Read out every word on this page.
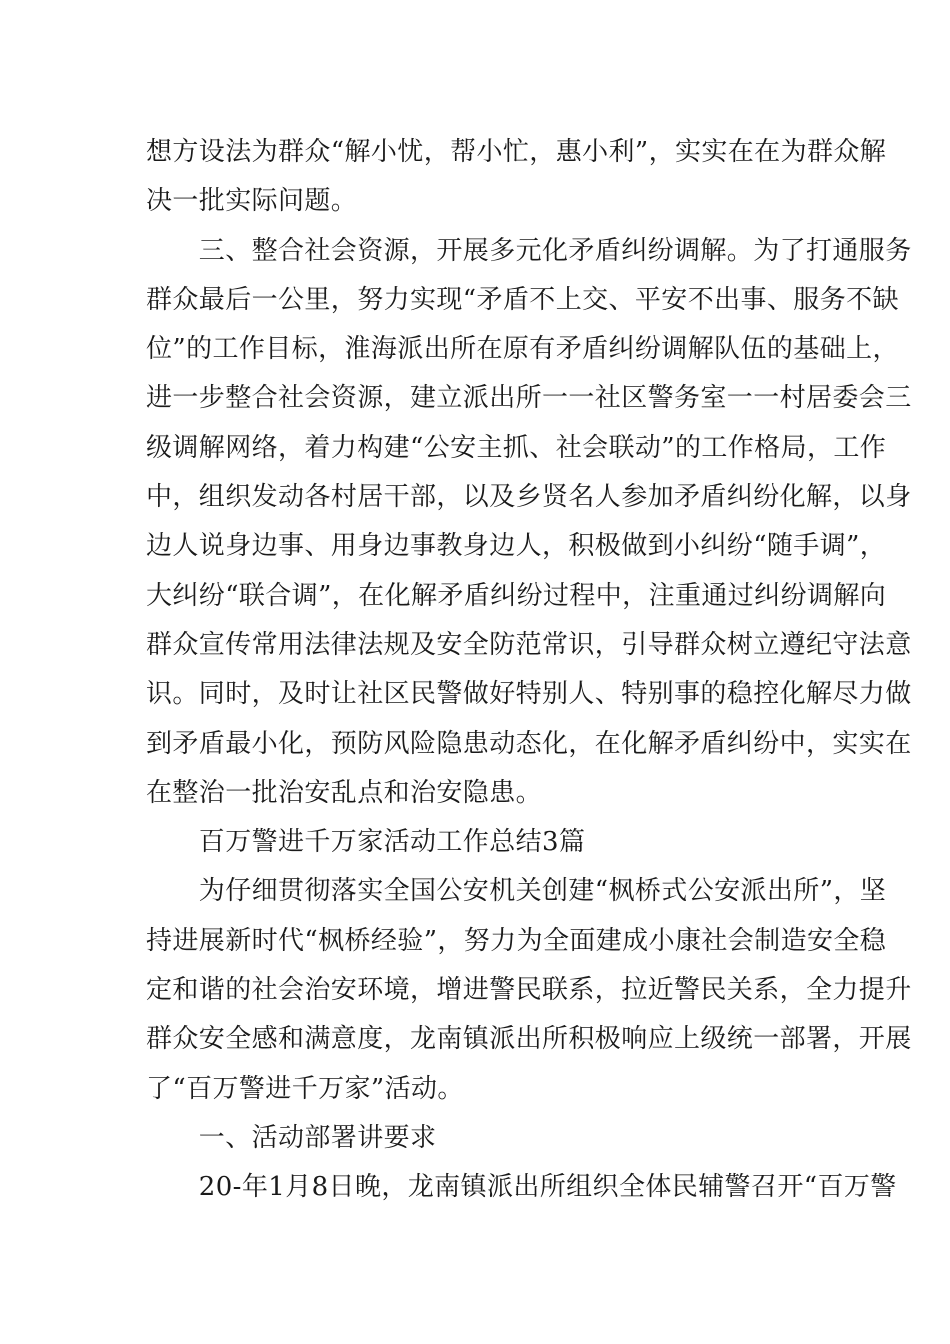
想方设法为群众“解小忧，帮小忙，惠小利”，实实在在为群众解
决一批实际问题。
　　三、整合社会资源，开展多元化矛盾纠纷调解。为了打通服务
群众最后一公里，努力实现“矛盾不上交、平安不出事、服务不缺
位”的工作目标，淮海派出所在原有矛盾纠纷调解队伍的基础上，
进一步整合社会资源，建立派出所一一社区警务室一一村居委会三
级调解网络，着力构建“公安主抓、社会联动”的工作格局，工作
中，组织发动各村居干部，以及乡贤名人参加矛盾纠纷化解，以身
边人说身边事、用身边事教身边人，积极做到小纠纷“随手调”，
大纠纷“联合调”，在化解矛盾纠纷过程中，注重通过纠纷调解向
群众宣传常用法律法规及安全防范常识，引导群众树立遵纪守法意
识。同时，及时让社区民警做好特别人、特别事的稳控化解尽力做
到矛盾最小化，预防风险隐患动态化，在化解矛盾纠纷中，实实在
在整治一批治安乱点和治安隐患。
　　百万警进千万家活动工作总结3篇
　　为仔细贯彻落实全国公安机关创建“枫桥式公安派出所”，坚
持进展新时代“枫桥经验”，努力为全面建成小康社会制造安全稳
定和谐的社会治安环境，增进警民联系，拉近警民关系，全力提升
群众安全感和满意度，龙南镇派出所积极响应上级统一部署，开展
了“百万警进千万家”活动。
　　一、活动部署讲要求
　　20-年1月8日晚，龙南镇派出所组织全体民辅警召开“百万警
